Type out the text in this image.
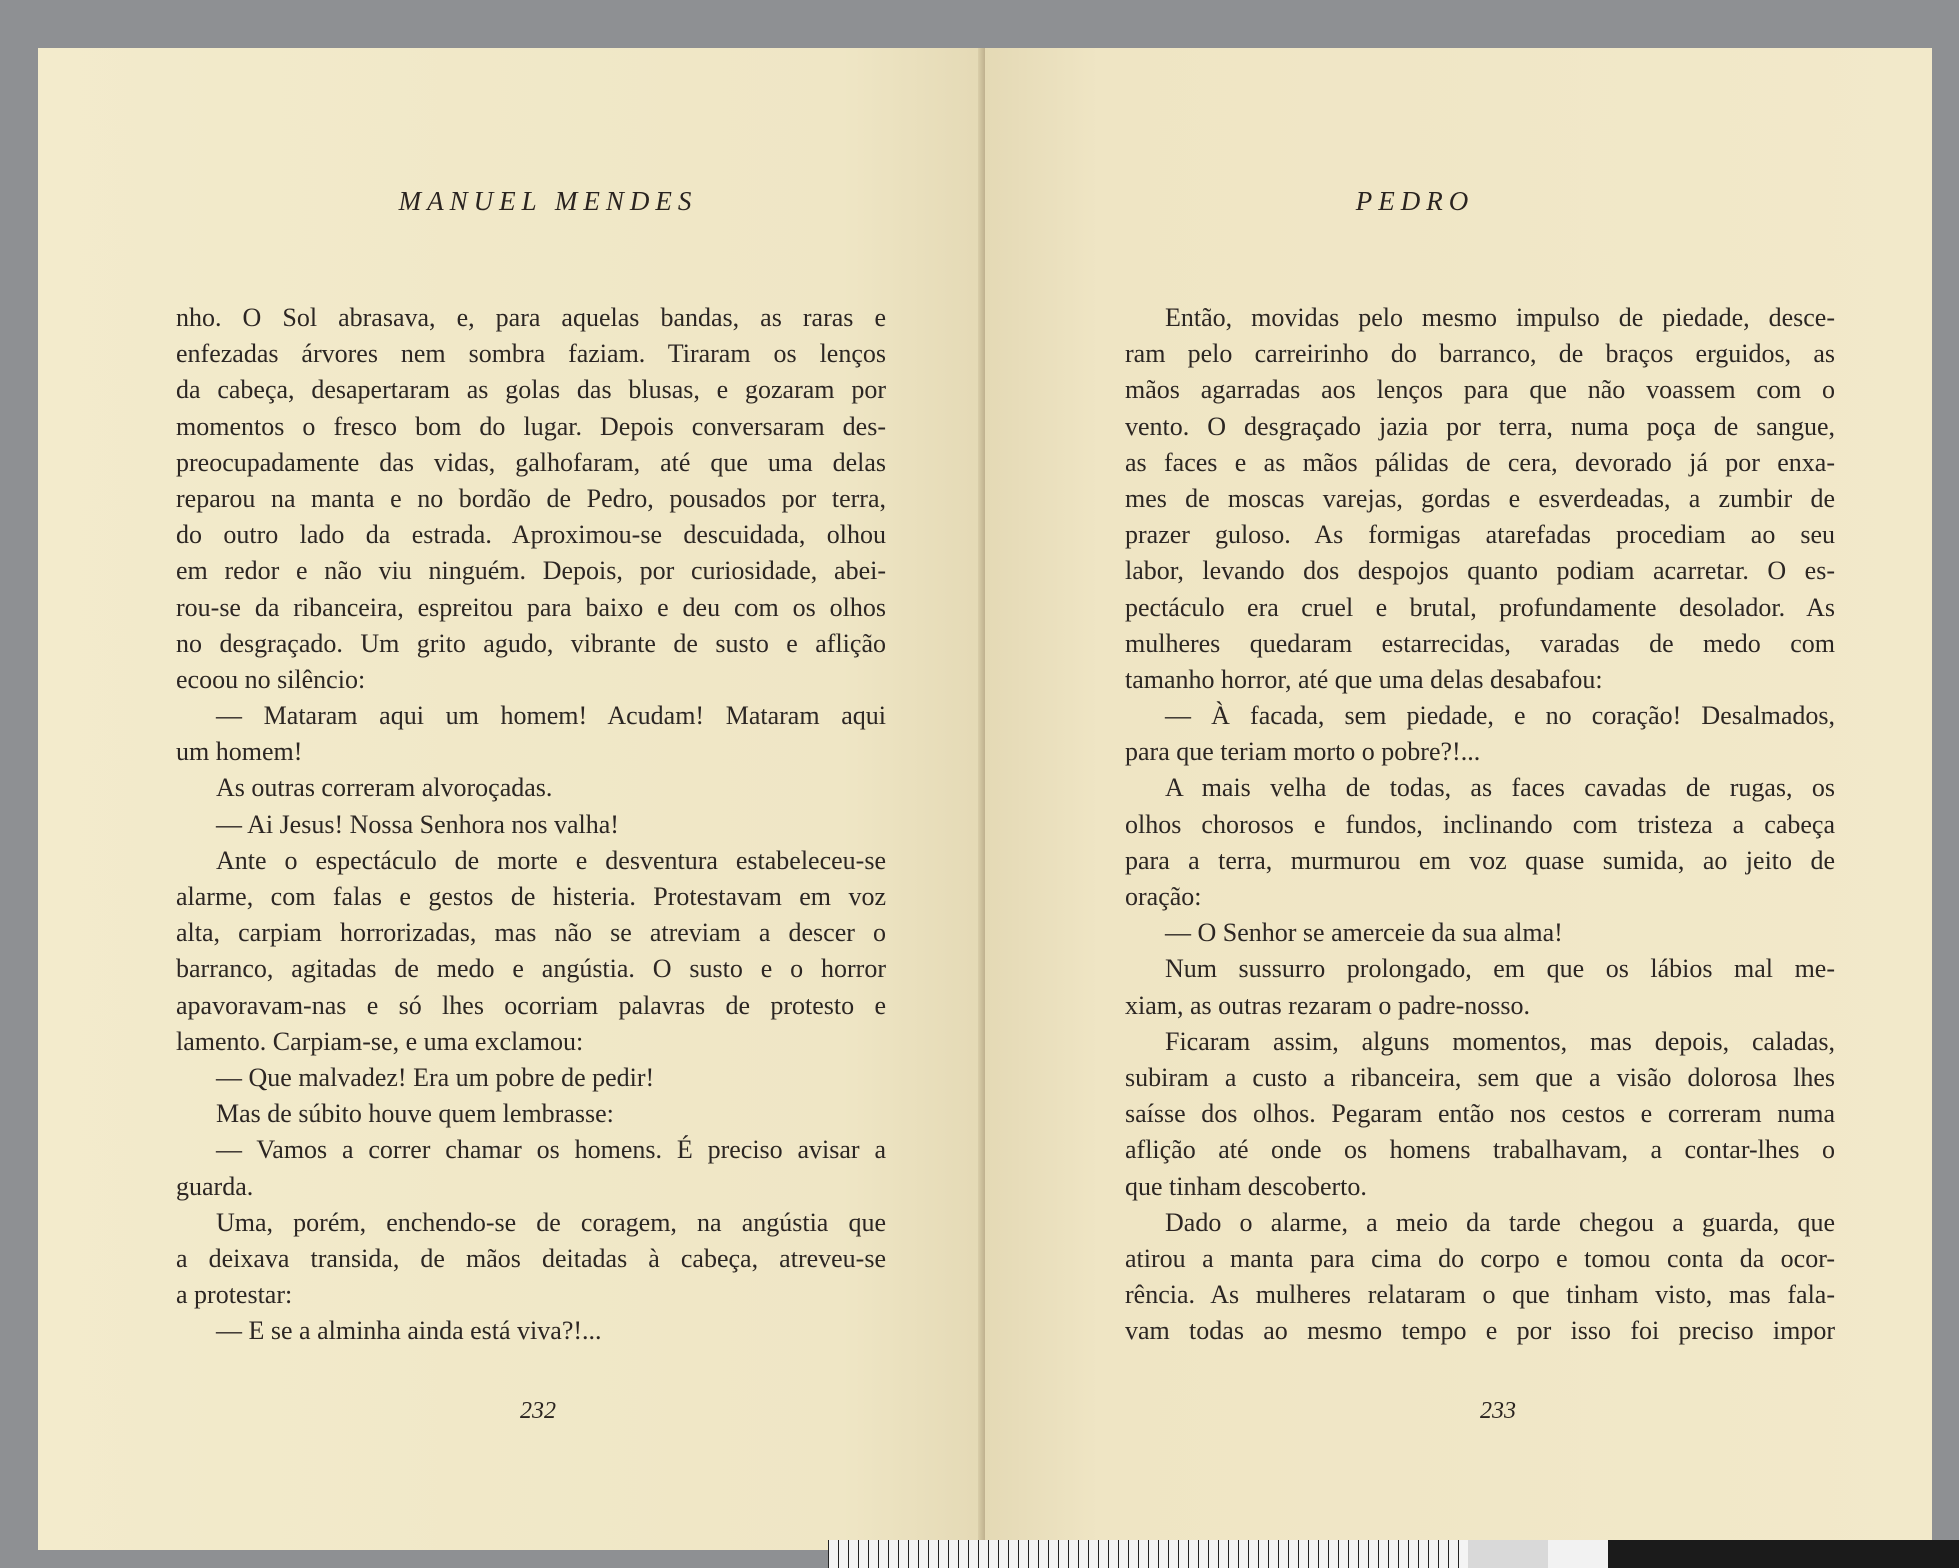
MANUEL MENDES
nho. O Sol abrasava, e, para aquelas bandas, as raras e
enfezadas árvores nem sombra faziam. Tiraram os lenços
da cabeça, desapertaram as golas das blusas, e gozaram por
momentos o fresco bom do lugar. Depois conversaram des-
preocupadamente das vidas, galhofaram, até que uma delas
reparou na manta e no bordão de Pedro, pousados por terra,
do outro lado da estrada. Aproximou-se descuidada, olhou
em redor e não viu ninguém. Depois, por curiosidade, abei-
rou-se da ribanceira, espreitou para baixo e deu com os olhos
no desgraçado. Um grito agudo, vibrante de susto e aflição
ecoou no silêncio:
— Mataram aqui um homem! Acudam! Mataram aqui
um homem!
As outras correram alvoroçadas.
— Ai Jesus! Nossa Senhora nos valha!
Ante o espectáculo de morte e desventura estabeleceu-se
alarme, com falas e gestos de histeria. Protestavam em voz
alta, carpiam horrorizadas, mas não se atreviam a descer o
barranco, agitadas de medo e angústia. O susto e o horror
apavoravam-nas e só lhes ocorriam palavras de protesto e
lamento. Carpiam-se, e uma exclamou:
— Que malvadez! Era um pobre de pedir!
Mas de súbito houve quem lembrasse:
— Vamos a correr chamar os homens. É preciso avisar a
guarda.
Uma, porém, enchendo-se de coragem, na angústia que
a deixava transida, de mãos deitadas à cabeça, atreveu-se
a protestar:
— E se a alminha ainda está viva?!...
232
PEDRO
Então, movidas pelo mesmo impulso de piedade, desce-
ram pelo carreirinho do barranco, de braços erguidos, as
mãos agarradas aos lenços para que não voassem com o
vento. O desgraçado jazia por terra, numa poça de sangue,
as faces e as mãos pálidas de cera, devorado já por enxa-
mes de moscas varejas, gordas e esverdeadas, a zumbir de
prazer guloso. As formigas atarefadas procediam ao seu
labor, levando dos despojos quanto podiam acarretar. O es-
pectáculo era cruel e brutal, profundamente desolador. As
mulheres quedaram estarrecidas, varadas de medo com
tamanho horror, até que uma delas desabafou:
— À facada, sem piedade, e no coração! Desalmados,
para que teriam morto o pobre?!...
A mais velha de todas, as faces cavadas de rugas, os
olhos chorosos e fundos, inclinando com tristeza a cabeça
para a terra, murmurou em voz quase sumida, ao jeito de
oração:
— O Senhor se amerceie da sua alma!
Num sussurro prolongado, em que os lábios mal me-
xiam, as outras rezaram o padre-nosso.
Ficaram assim, alguns momentos, mas depois, caladas,
subiram a custo a ribanceira, sem que a visão dolorosa lhes
saísse dos olhos. Pegaram então nos cestos e correram numa
aflição até onde os homens trabalhavam, a contar-lhes o
que tinham descoberto.
Dado o alarme, a meio da tarde chegou a guarda, que
atirou a manta para cima do corpo e tomou conta da ocor-
rência. As mulheres relataram o que tinham visto, mas fala-
vam todas ao mesmo tempo e por isso foi preciso impor
233
